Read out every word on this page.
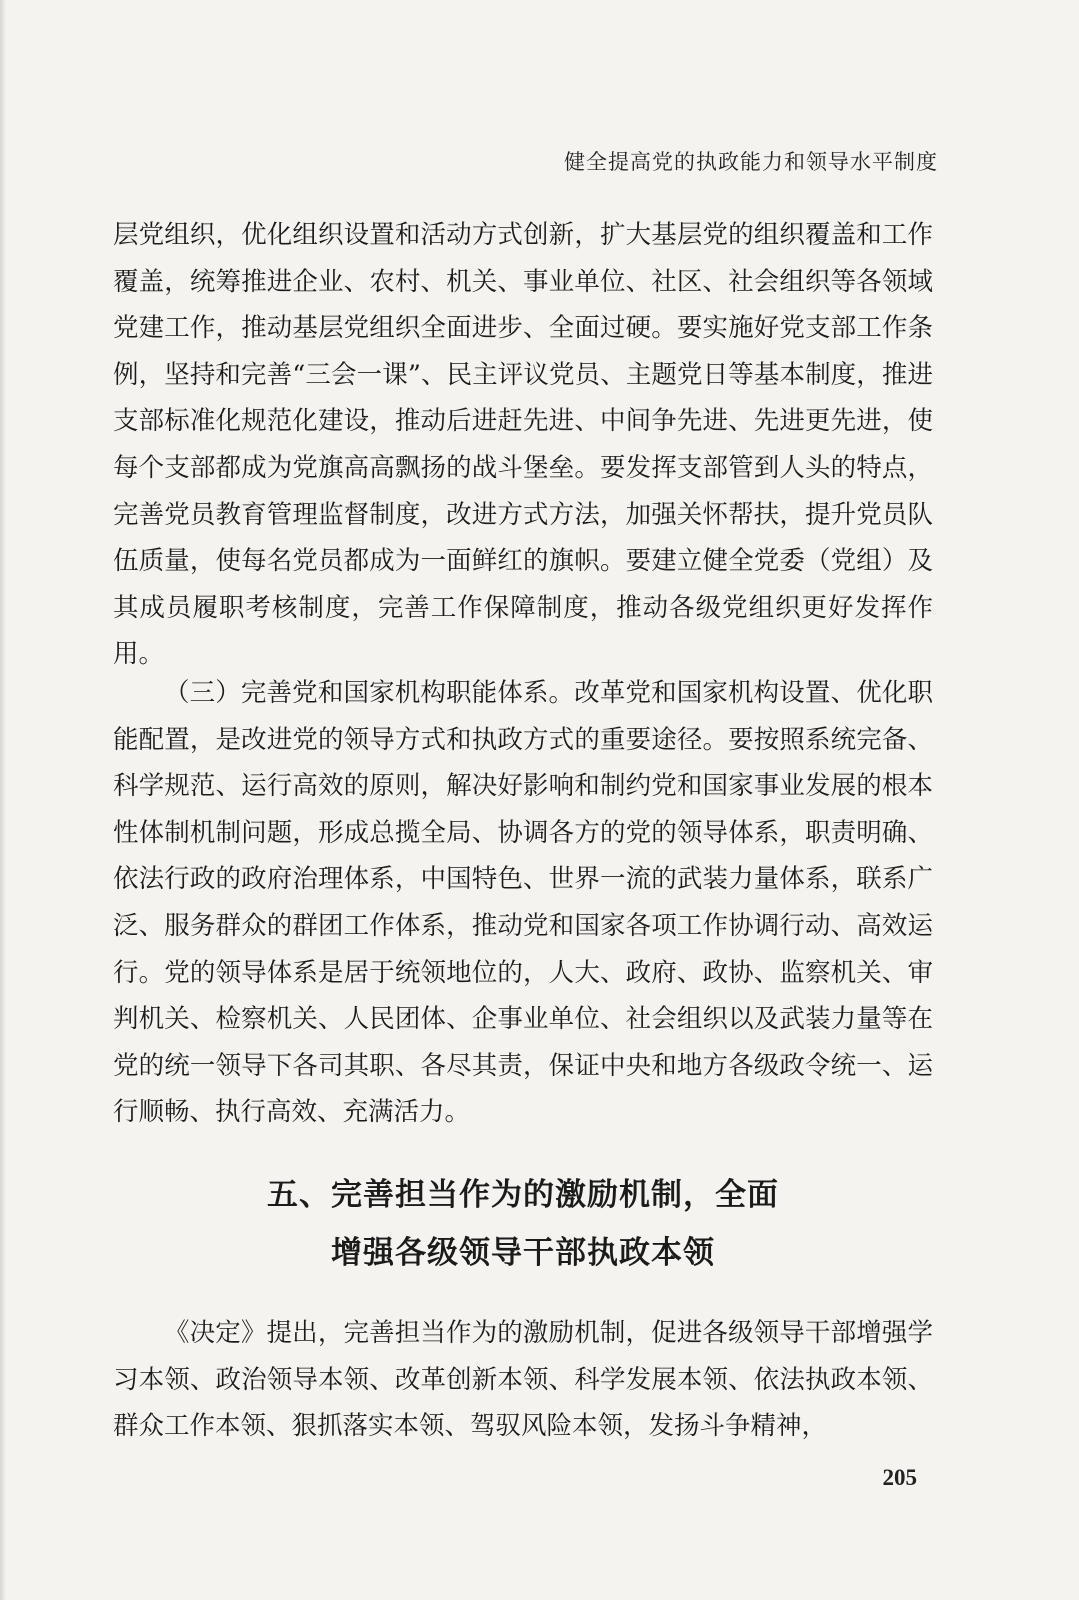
健全提高党的执政能力和领导水平制度

层党组织，优化组织设置和活动方式创新，扩大基层党的组织覆盖和工作覆盖，统筹推进企业、农村、机关、事业单位、社区、社会组织等各领域党建工作，推动基层党组织全面进步、全面过硬。要实施好党支部工作条例，坚持和完善“三会一课”、民主评议党员、主题党日等基本制度，推进支部标准化规范化建设，推动后进赶先进、中间争先进、先进更先进，使每个支部都成为党旗高高飘扬的战斗堡垒。要发挥支部管到人头的特点，完善党员教育管理监督制度，改进方式方法，加强关怀帮扶，提升党员队伍质量，使每名党员都成为一面鲜红的旗帜。要建立健全党委（党组）及其成员履职考核制度，完善工作保障制度，推动各级党组织更好发挥作用。

（三）完善党和国家机构职能体系。改革党和国家机构设置、优化职能配置，是改进党的领导方式和执政方式的重要途径。要按照系统完备、科学规范、运行高效的原则，解决好影响和制约党和国家事业发展的根本性体制机制问题，形成总揽全局、协调各方的党的领导体系，职责明确、依法行政的政府治理体系，中国特色、世界一流的武装力量体系，联系广泛、服务群众的群团工作体系，推动党和国家各项工作协调行动、高效运行。党的领导体系是居于统领地位的，人大、政府、政协、监察机关、审判机关、检察机关、人民团体、企事业单位、社会组织以及武装力量等在党的统一领导下各司其职、各尽其责，保证中央和地方各级政令统一、运行顺畅、执行高效、充满活力。

五、完善担当作为的激励机制，全面
增强各级领导干部执政本领

《决定》提出，完善担当作为的激励机制，促进各级领导干部增强学习本领、政治领导本领、改革创新本领、科学发展本领、依法执政本领、群众工作本领、狠抓落实本领、驾驭风险本领，发扬斗争精神，

205
